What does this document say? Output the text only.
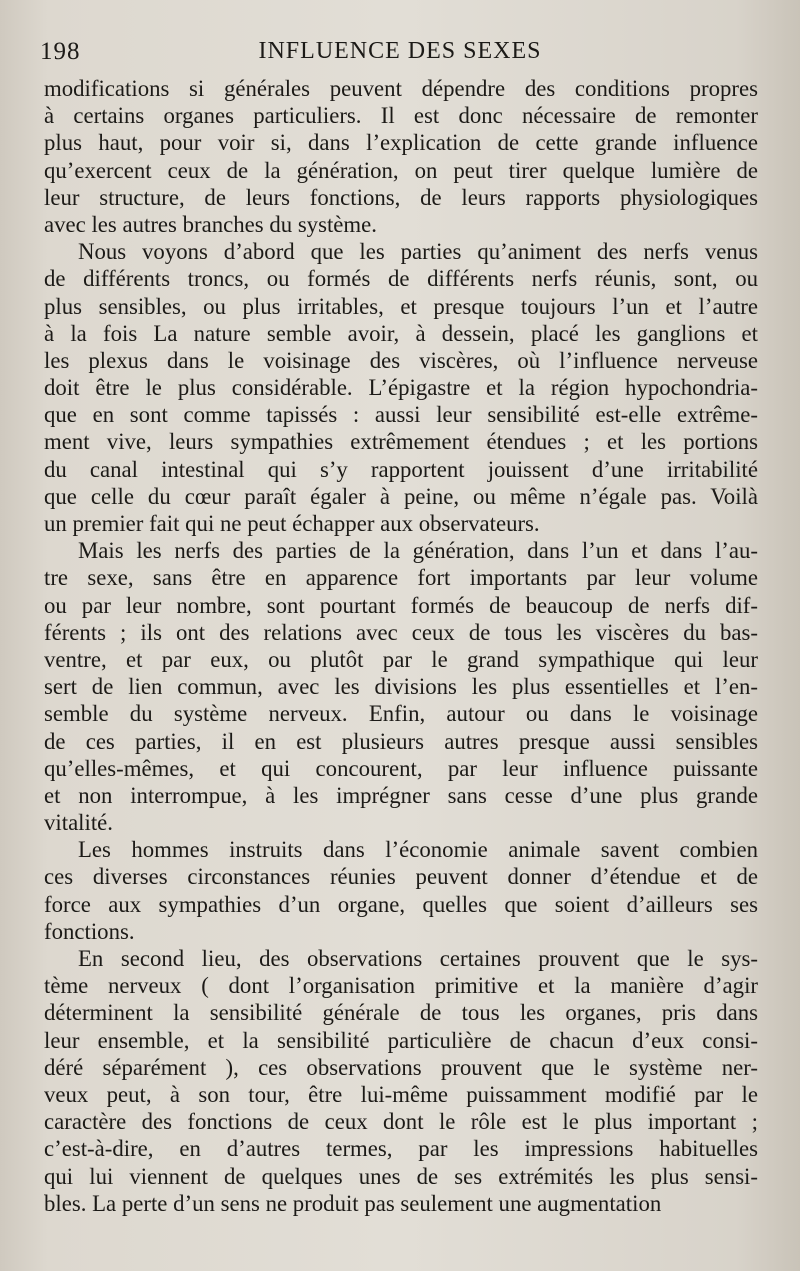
198	INFLUENCE DES SEXES
modifications si générales peuvent dépendre des conditions propres
à certains organes particuliers. Il est donc nécessaire de remonter
plus haut, pour voir si, dans l’explication de cette grande influence
qu’exercent ceux de la génération, on peut tirer quelque lumière de
leur structure, de leurs fonctions, de leurs rapports physiologiques
avec les autres branches du système.
Nous voyons d’abord que les parties qu’animent des nerfs venus
de différents troncs, ou formés de différents nerfs réunis, sont, ou
plus sensibles, ou plus irritables, et presque toujours l’un et l’autre
à la fois La nature semble avoir, à dessein, placé les ganglions et
les plexus dans le voisinage des viscères, où l’influence nerveuse
doit être le plus considérable. L’épigastre et la région hypochondria-
que en sont comme tapissés : aussi leur sensibilité est-elle extrême-
ment vive, leurs sympathies extrêmement étendues ; et les portions
du canal intestinal qui s’y rapportent jouissent d’une irritabilité
que celle du cœur paraît égaler à peine, ou même n’égale pas. Voilà
un premier fait qui ne peut échapper aux observateurs.
Mais les nerfs des parties de la génération, dans l’un et dans l’au-
tre sexe, sans être en apparence fort importants par leur volume
ou par leur nombre, sont pourtant formés de beaucoup de nerfs dif-
férents ; ils ont des relations avec ceux de tous les viscères du bas-
ventre, et par eux, ou plutôt par le grand sympathique qui leur
sert de lien commun, avec les divisions les plus essentielles et l’en-
semble du système nerveux. Enfin, autour ou dans le voisinage
de ces parties, il en est plusieurs autres presque aussi sensibles
qu’elles-mêmes, et qui concourent, par leur influence puissante
et non interrompue, à les imprégner sans cesse d’une plus grande
vitalité.
Les hommes instruits dans l’économie animale savent combien
ces diverses circonstances réunies peuvent donner d’étendue et de
force aux sympathies d’un organe, quelles que soient d’ailleurs ses
fonctions.
En second lieu, des observations certaines prouvent que le sys-
tème nerveux ( dont l’organisation primitive et la manière d’agir
déterminent la sensibilité générale de tous les organes, pris dans
leur ensemble, et la sensibilité particulière de chacun d’eux consi-
déré séparément ), ces observations prouvent que le système ner-
veux peut, à son tour, être lui-même puissamment modifié par le
caractère des fonctions de ceux dont le rôle est le plus important ;
c’est-à-dire, en d’autres termes, par les impressions habituelles
qui lui viennent de quelques unes de ses extrémités les plus sensi-
bles. La perte d’un sens ne produit pas seulement une augmentation
